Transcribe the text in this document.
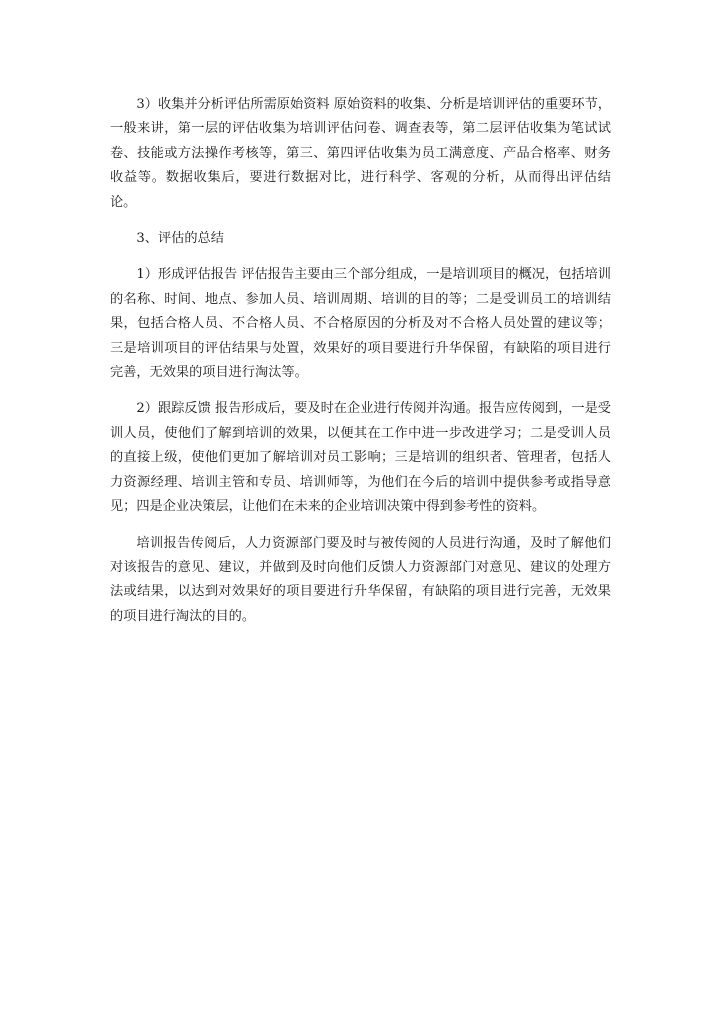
3）收集并分析评估所需原始资料 原始资料的收集、分析是培训评估的重要环节，一般来讲，第一层的评估收集为培训评估问卷、调查表等，第二层评估收集为笔试试卷、技能或方法操作考核等，第三、第四评估收集为员工满意度、产品合格率、财务收益等。数据收集后，要进行数据对比，进行科学、客观的分析，从而得出评估结论。

3、评估的总结

1）形成评估报告 评估报告主要由三个部分组成，一是培训项目的概况，包括培训的名称、时间、地点、参加人员、培训周期、培训的目的等；二是受训员工的培训结果，包括合格人员、不合格人员、不合格原因的分析及对不合格人员处置的建议等；三是培训项目的评估结果与处置，效果好的项目要进行升华保留，有缺陷的项目进行完善，无效果的项目进行淘汰等。

2）跟踪反馈 报告形成后，要及时在企业进行传阅并沟通。报告应传阅到，一是受训人员，使他们了解到培训的效果，以便其在工作中进一步改进学习；二是受训人员的直接上级，使他们更加了解培训对员工影响；三是培训的组织者、管理者，包括人力资源经理、培训主管和专员、培训师等，为他们在今后的培训中提供参考或指导意见；四是企业决策层，让他们在未来的企业培训决策中得到参考性的资料。

培训报告传阅后，人力资源部门要及时与被传阅的人员进行沟通，及时了解他们对该报告的意见、建议，并做到及时向他们反馈人力资源部门对意见、建议的处理方法或结果，以达到对效果好的项目要进行升华保留，有缺陷的项目进行完善，无效果的项目进行淘汰的目的。
